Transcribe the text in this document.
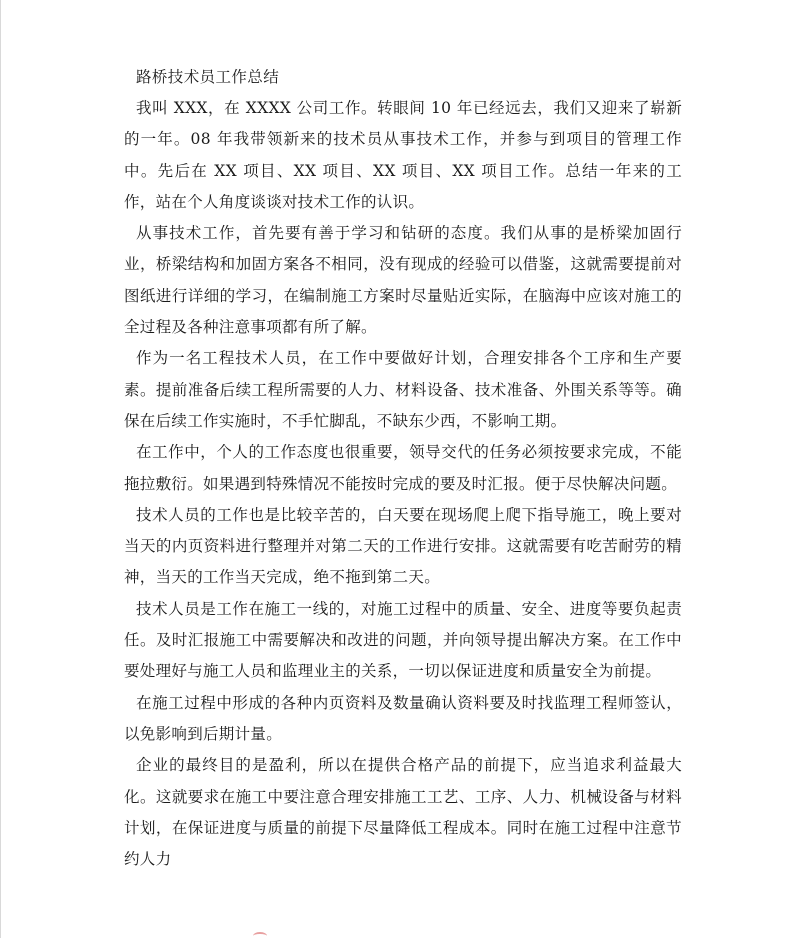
路桥技术员工作总结

我叫 XXX，在 XXXX 公司工作。转眼间 10 年已经远去，我们又迎来了崭新的一年。08 年我带领新来的技术员从事技术工作，并参与到项目的管理工作中。先后在 XX 项目、XX 项目、XX 项目、XX 项目工作。总结一年来的工作，站在个人角度谈谈对技术工作的认识。

从事技术工作，首先要有善于学习和钻研的态度。我们从事的是桥梁加固行业，桥梁结构和加固方案各不相同，没有现成的经验可以借鉴，这就需要提前对图纸进行详细的学习，在编制施工方案时尽量贴近实际，在脑海中应该对施工的全过程及各种注意事项都有所了解。

作为一名工程技术人员，在工作中要做好计划，合理安排各个工序和生产要素。提前准备后续工程所需要的人力、材料设备、技术准备、外围关系等等。确保在后续工作实施时，不手忙脚乱，不缺东少西，不影响工期。

在工作中，个人的工作态度也很重要，领导交代的任务必须按要求完成，不能拖拉敷衍。如果遇到特殊情况不能按时完成的要及时汇报。便于尽快解决问题。

技术人员的工作也是比较辛苦的，白天要在现场爬上爬下指导施工，晚上要对当天的内页资料进行整理并对第二天的工作进行安排。这就需要有吃苦耐劳的精神，当天的工作当天完成，绝不拖到第二天。

技术人员是工作在施工一线的，对施工过程中的质量、安全、进度等要负起责任。及时汇报施工中需要解决和改进的问题，并向领导提出解决方案。在工作中要处理好与施工人员和监理业主的关系，一切以保证进度和质量安全为前提。

在施工过程中形成的各种内页资料及数量确认资料要及时找监理工程师签认，以免影响到后期计量。

企业的最终目的是盈利，所以在提供合格产品的前提下，应当追求利益最大化。这就要求在施工中要注意合理安排施工工艺、工序、人力、机械设备与材料计划，在保证进度与质量的前提下尽量降低工程成本。同时在施工过程中注意节约人力
